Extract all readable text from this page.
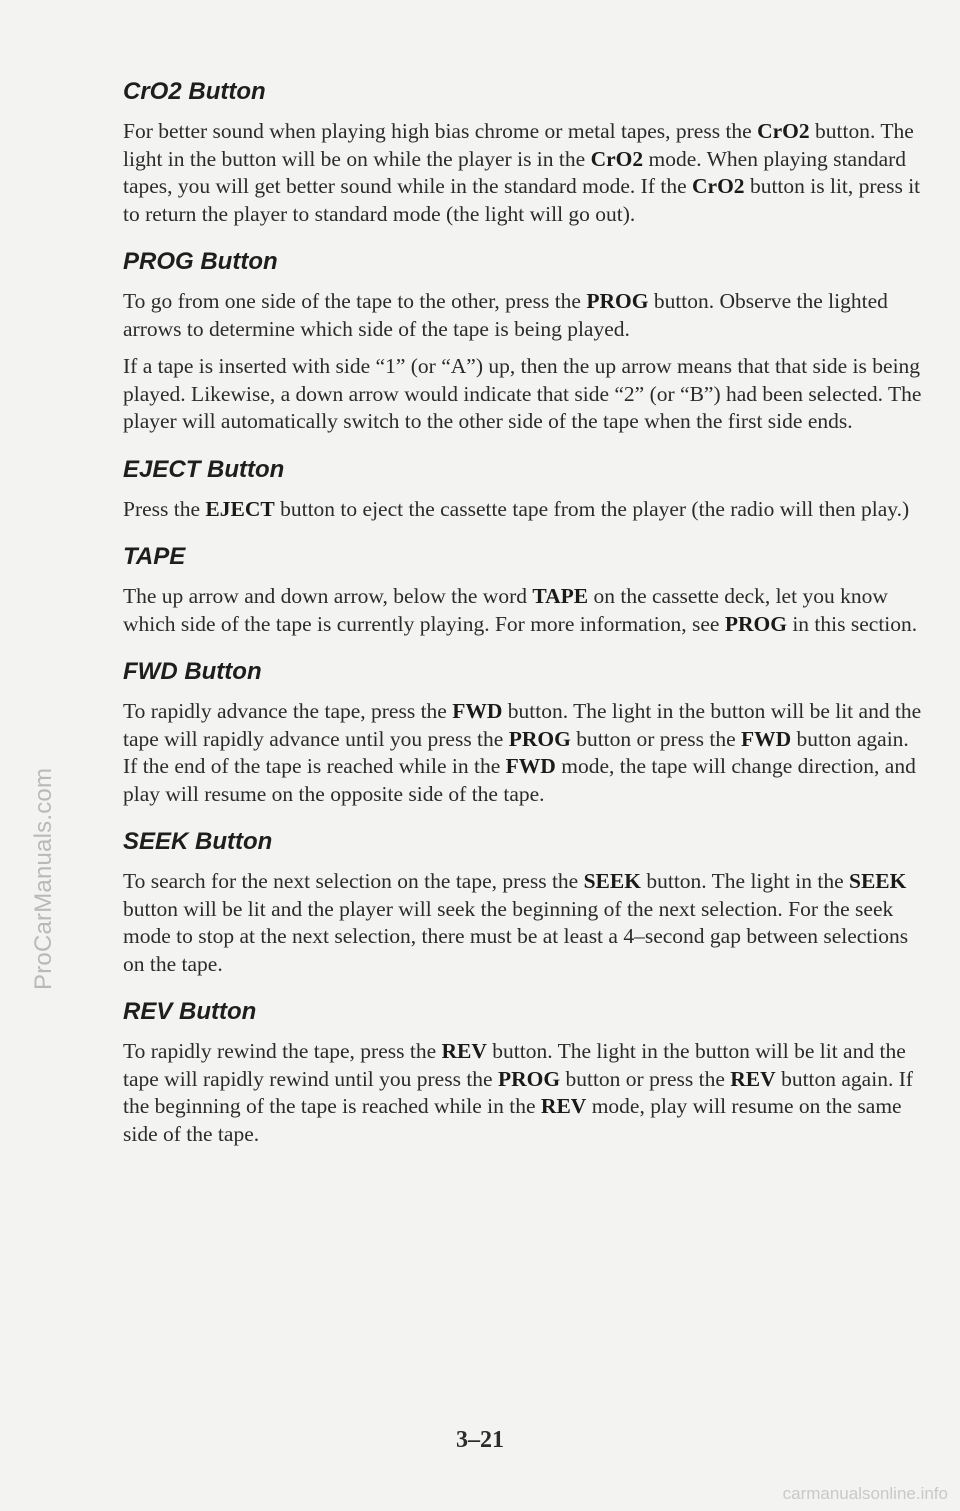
ProCarManuals.com
CrO2 Button

For better sound when playing high bias chrome or metal tapes, press the CrO2 button. The light in the button will be on while the player is in the CrO2 mode. When playing standard tapes, you will get better sound while in the standard mode. If the CrO2 button is lit, press it to return the player to standard mode (the light will go out).

PROG Button

To go from one side of the tape to the other, press the PROG button. Observe the lighted arrows to determine which side of the tape is being played.

If a tape is inserted with side “1” (or “A”) up, then the up arrow means that that side is being played. Likewise, a down arrow would indicate that side “2” (or “B”) had been selected. The player will automatically switch to the other side of the tape when the first side ends.

EJECT Button

Press the EJECT button to eject the cassette tape from the player (the radio will then play.)

TAPE

The up arrow and down arrow, below the word TAPE on the cassette deck, let you know which side of the tape is currently playing. For more information, see PROG in this section.

FWD Button

To rapidly advance the tape, press the FWD button. The light in the button will be lit and the tape will rapidly advance until you press the PROG button or press the FWD button again. If the end of the tape is reached while in the FWD mode, the tape will change direction, and play will resume on the opposite side of the tape.

SEEK Button

To search for the next selection on the tape, press the SEEK button. The light in the SEEK button will be lit and the player will seek the beginning of the next selection. For the seek mode to stop at the next selection, there must be at least a 4–second gap between selections on the tape.

REV Button

To rapidly rewind the tape, press the REV button. The light in the button will be lit and the tape will rapidly rewind until you press the PROG button or press the REV button again. If the beginning of the tape is reached while in the REV mode, play will resume on the same side of the tape.

3–21
carmanualsonline.info
